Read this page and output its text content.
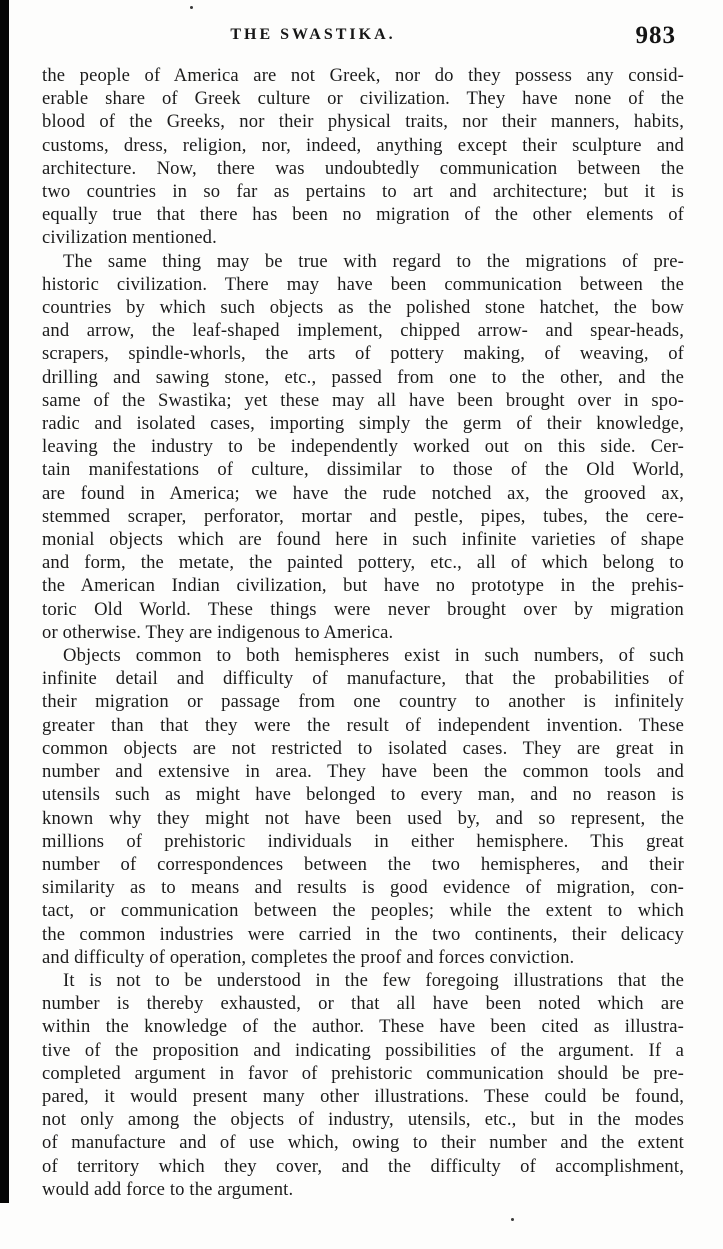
THE SWASTIKA.	983
the people of America are not Greek, nor do they possess any consid-
erable share of Greek culture or civilization. They have none of the
blood of the Greeks, nor their physical traits, nor their manners, habits,
customs, dress, religion, nor, indeed, anything except their sculpture and
architecture. Now, there was undoubtedly communication between the
two countries in so far as pertains to art and architecture; but it is
equally true that there has been no migration of the other elements of
civilization mentioned.
The same thing may be true with regard to the migrations of pre-
historic civilization. There may have been communication between the
countries by which such objects as the polished stone hatchet, the bow
and arrow, the leaf-shaped implement, chipped arrow- and spear-heads,
scrapers, spindle-whorls, the arts of pottery making, of weaving, of
drilling and sawing stone, etc., passed from one to the other, and the
same of the Swastika; yet these may all have been brought over in spo-
radic and isolated cases, importing simply the germ of their knowledge,
leaving the industry to be independently worked out on this side. Cer-
tain manifestations of culture, dissimilar to those of the Old World,
are found in America; we have the rude notched ax, the grooved ax,
stemmed scraper, perforator, mortar and pestle, pipes, tubes, the cere-
monial objects which are found here in such infinite varieties of shape
and form, the metate, the painted pottery, etc., all of which belong to
the American Indian civilization, but have no prototype in the prehis-
toric Old World. These things were never brought over by migration
or otherwise. They are indigenous to America.
Objects common to both hemispheres exist in such numbers, of such
infinite detail and difficulty of manufacture, that the probabilities of
their migration or passage from one country to another is infinitely
greater than that they were the result of independent invention. These
common objects are not restricted to isolated cases. They are great in
number and extensive in area. They have been the common tools and
utensils such as might have belonged to every man, and no reason is
known why they might not have been used by, and so represent, the
millions of prehistoric individuals in either hemisphere. This great
number of correspondences between the two hemispheres, and their
similarity as to means and results is good evidence of migration, con-
tact, or communication between the peoples; while the extent to which
the common industries were carried in the two continents, their delicacy
and difficulty of operation, completes the proof and forces conviction.
It is not to be understood in the few foregoing illustrations that the
number is thereby exhausted, or that all have been noted which are
within the knowledge of the author. These have been cited as illustra-
tive of the proposition and indicating possibilities of the argument. If a
completed argument in favor of prehistoric communication should be pre-
pared, it would present many other illustrations. These could be found,
not only among the objects of industry, utensils, etc., but in the modes
of manufacture and of use which, owing to their number and the extent
of territory which they cover, and the difficulty of accomplishment,
would add force to the argument.
